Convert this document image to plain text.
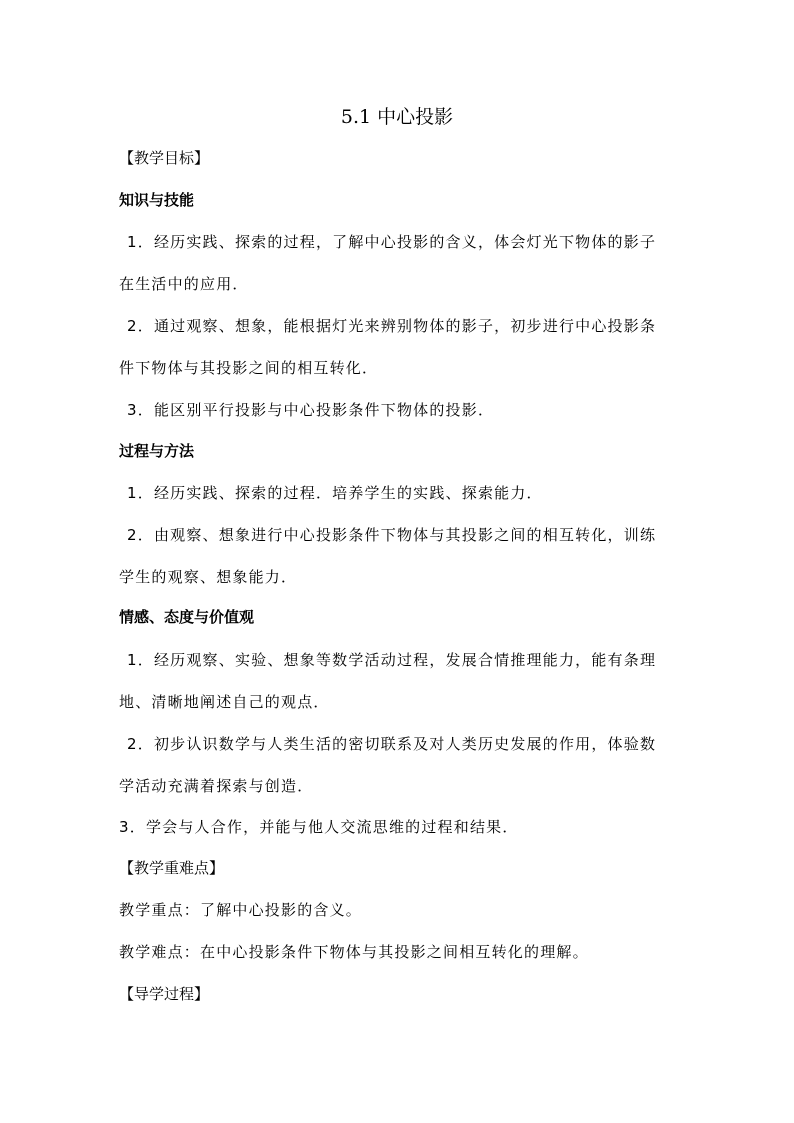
5.1 中心投影
【教学目标】
知识与技能
1．经历实践、探索的过程，了解中心投影的含义，体会灯光下物体的影子
在生活中的应用．
2．通过观察、想象，能根据灯光来辨别物体的影子，初步进行中心投影条
件下物体与其投影之间的相互转化．
3．能区别平行投影与中心投影条件下物体的投影．
过程与方法
1．经历实践、探索的过程．培养学生的实践、探索能力．
2．由观察、想象进行中心投影条件下物体与其投影之间的相互转化，训练
学生的观察、想象能力．
情感、态度与价值观
1．经历观察、实验、想象等数学活动过程，发展合情推理能力，能有条理
地、清晰地阐述自己的观点．
2．初步认识数学与人类生活的密切联系及对人类历史发展的作用，体验数
学活动充满着探索与创造．
3．学会与人合作，并能与他人交流思维的过程和结果．
【教学重难点】
教学重点：了解中心投影的含义。
教学难点：在中心投影条件下物体与其投影之间相互转化的理解。
【导学过程】
